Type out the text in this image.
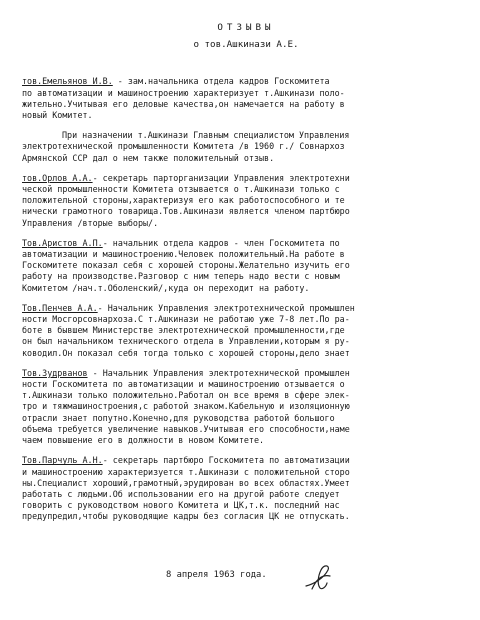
ОТЗЫВЫ
о тов.Ашкинази А.Е.
тов.Емельянов И.В. - зам.начальника отдела кадров Госкомитета
по автоматизации и машиностроению характеризует т.Ашкинази поло-
жительно.Учитывая его деловые качества,он намечается на работу в
новый Комитет.
При назначении т.Ашкинази Главным специалистом Управления
электротехнической промышленности Комитета /в 1960 г./ Совнархоз
Армянской ССР дал о нем также положительный отзыв.
тов.Орлов А.А.- секретарь парторганизации Управления электротехни
ческой промышленности Комитета отзывается о т.Ашкинази только с
положительной стороны,характеризуя его как работоспособного и те
нически грамотного товарища.Тов.Ашкинази является членом партбюро
Управления /вторые выборы/.
Тов.Аристов А.П.- начальник отдела кадров - член Госкомитета по
автоматизации и машиностроению.Человек положительный.На работе в
Госкомитете показал себя с хорошей стороны.Желательно изучить его
работу на производстве.Разговор с ним теперь надо вести с новым
Комитетом /нач.т.Оболенский/,куда он переходит на работу.
Тов.Пенчев А.А.- Начальник Управления электротехнической промышлен
ности Мосгорсовнархоза.С т.Ашкинази не работаю уже 7-8 лет.По ра-
боте в бывшем Министерстве электротехнической промышленности,где
он был начальником технического отдела в Управлении,которым я ру-
ководил.Он показал себя тогда только с хорошей стороны,дело знает
Тов.Зудрванов - Начальник Управления электротехнической промышлен
ности Госкомитета по автоматизации и машиностроению отзывается о
т.Ашкинази только положительно.Работал он все время в сфере элек-
тро и тяжмашиностроения,с работой знаком.Кабельную и изоляционную
отрасли знает попутно.Конечно,для руководства работой большого
объема требуется увеличение навыков.Учитывая его способности,наме
чаем повышение его в должности в новом Комитете.
Тов.Парчуль А.Н.- секретарь партбюро Госкомитета по автоматизации
и машиностроению характеризуется т.Ашкинази с положительной сторо
ны.Специалист хороший,грамотный,эрудирован во всех областях.Умеет
работать с людьми.Об использовании его на другой работе следует
говорить с руководством нового Комитета и ЦК,т.к. последний нас
предупредил,чтобы руководящие кадры без согласия ЦК не отпускать.
8 апреля 1963 года.
